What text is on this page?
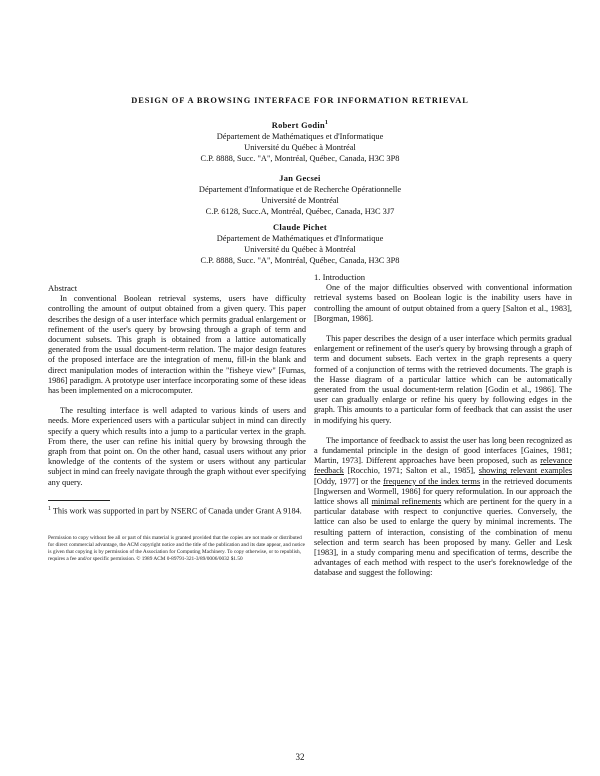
DESIGN OF A BROWSING INTERFACE FOR INFORMATION RETRIEVAL
Robert Godin$^1$
Département de Mathématiques et d'Informatique
Université du Québec à Montréal
C.P. 8888, Succ. "A", Montréal, Québec, Canada, H3C 3P8
Jan Gecsei
Département d'Informatique et de Recherche Opérationnelle
Université de Montréal
C.P. 6128, Succ.A, Montréal, Québec, Canada, H3C 3J7
Claude Pichet
Département de Mathématiques et d'Informatique
Université du Québec à Montréal
C.P. 8888, Succ. "A", Montréal, Québec, Canada, H3C 3P8
Abstract

In conventional Boolean retrieval systems, users have difficulty controlling the amount of output obtained from a given query. This paper describes the design of a user interface which permits gradual enlargement or refinement of the user's query by browsing through a graph of term and document subsets. This graph is obtained from a lattice automatically generated from the usual document-term relation. The major design features of the proposed interface are the integration of menu, fill-in the blank and direct manipulation modes of interaction within the "fisheye view" [Furnas, 1986] paradigm. A prototype user interface incorporating some of these ideas has been implemented on a microcomputer.

The resulting interface is well adapted to various kinds of users and needs. More experienced users with a particular subject in mind can directly specify a query which results into a jump to a particular vertex in the graph. From there, the user can refine his initial query by browsing through the graph from that point on. On the other hand, casual users without any prior knowledge of the contents of the system or users without any particular subject in mind can freely navigate through the graph without ever specifying any query.

$^1$ This work was supported in part by NSERC of Canada under Grant A 9184.
Permission to copy without fee all or part of this material is granted provided that the copies are not made or distributed for direct commercial advantage, the ACM copyright notice and the title of the publication and its date appear, and notice is given that copying is by permission of the Association for Computing Machinery. To copy otherwise, or to republish, requires a fee and/or specific permission. © 1989 ACM 0-89791-321-3/89/0006/0032 $1.50
1. Introduction

One of the major difficulties observed with conventional information retrieval systems based on Boolean logic is the inability users have in controlling the amount of output obtained from a query [Salton et al., 1983], [Borgman, 1986].

This paper describes the design of a user interface which permits gradual enlargement or refinement of the user's query by browsing through a graph of term and document subsets. Each vertex in the graph represents a query formed of a conjunction of terms with the retrieved documents. The graph is the Hasse diagram of a particular lattice which can be automatically generated from the usual document-term relation [Godin et al., 1986]. The user can gradually enlarge or refine his query by following edges in the graph. This amounts to a particular form of feedback that can assist the user in modifying his query.

The importance of feedback to assist the user has long been recognized as a fundamental principle in the design of good interfaces [Gaines, 1981; Martin, 1973]. Different approaches have been proposed, such as relevance feedback [Rocchio, 1971; Salton et al., 1985], showing relevant examples [Oddy, 1977] or the frequency of the index terms in the retrieved documents [Ingwersen and Wormell, 1986] for query reformulation. In our approach the lattice shows all minimal refinements which are pertinent for the query in a particular database with respect to conjunctive queries. Conversely, the lattice can also be used to enlarge the query by minimal increments. The resulting pattern of interaction, consisting of the combination of menu selection and term search has been proposed by many. Geller and Lesk [1983], in a study comparing menu and specification of terms, describe the advantages of each method with respect to the user's foreknowledge of the database and suggest the following:

32
